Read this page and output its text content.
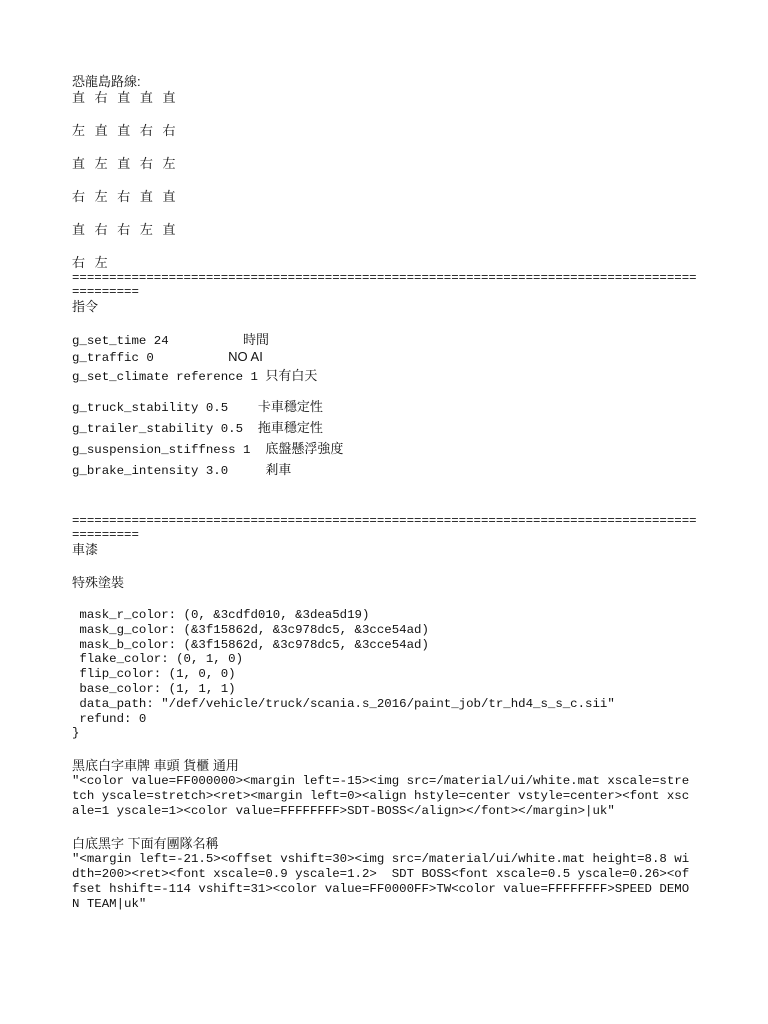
恐龍島路線:
直 右 直 直 直
左 直 直 右 右
直 左 直 右 左
右 左 右 直 直
直 右 右 左 直
右 左
=============================================================================================
指令
g_set_time 24          時間
g_traffic 0          NO AI
g_set_climate reference 1 只有白天
g_truck_stability 0.5    卡車穩定性
g_trailer_stability 0.5  拖車穩定性
g_suspension_stiffness 1  底盤懸浮強度
g_brake_intensity 3.0     剎車
=============================================================================================
車漆
特殊塗裝
mask_r_color: (0, &3cdfd010, &3dea5d19)
mask_g_color: (&3f15862d, &3c978dc5, &3cce54ad)
mask_b_color: (&3f15862d, &3c978dc5, &3cce54ad)
flake_color: (0, 1, 0)
flip_color: (1, 0, 0)
base_color: (1, 1, 1)
data_path: "/def/vehicle/truck/scania.s_2016/paint_job/tr_hd4_s_s_c.sii"
refund: 0
}
黑底白字車牌 車頭 貨櫃 通用
"<color value=FF000000><margin left=-15><img src=/material/ui/white.mat xscale=stretch yscale=stretch><ret><margin left=0><align hstyle=center vstyle=center><font xscale=1 yscale=1><color value=FFFFFFFF>SDT-BOSS</align></font></margin>|uk"
白底黑字 下面有團隊名稱
"<margin left=-21.5><offset vshift=30><img src=/material/ui/white.mat height=8.8 width=200><ret><font xscale=0.9 yscale=1.2>  SDT BOSS<font xscale=0.5 yscale=0.26><offset hshift=-114 vshift=31><color value=FF0000FF>TW<color value=FFFFFFFF>SPEED DEMON TEAM|uk"
